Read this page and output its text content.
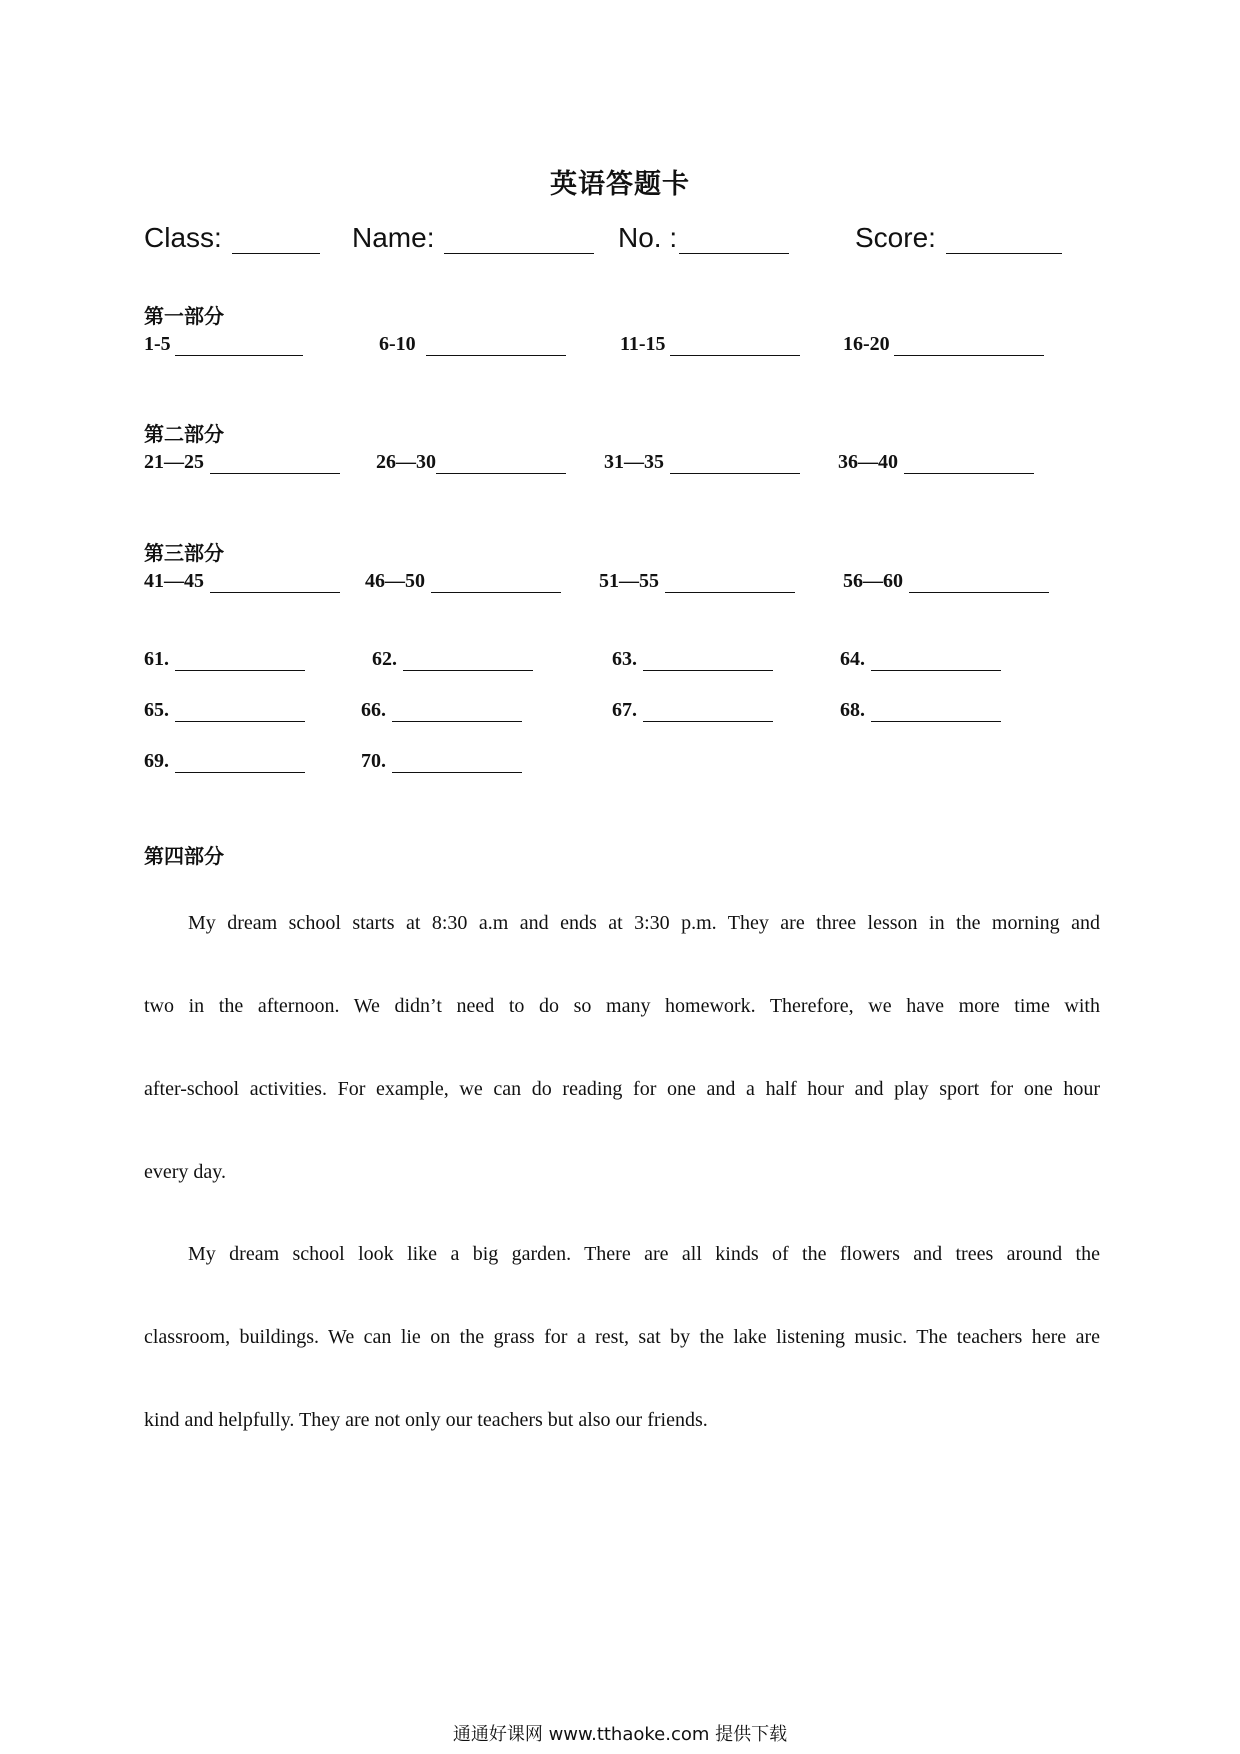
英语答题卡
Class:	Name:	No. :	Score:
第一部分
1-5	6-10	11-15	16-20
第二部分
21—25	26—30	31—35	36—40
第三部分
41—45	46—50	51—55	56—60
61.	62.	63.	64.
65.	66.	67.	68.
69.	70.
第四部分
My dream school starts at 8:30 a.m and ends at 3:30 p.m. They are three lesson in the morning and
two in the afternoon. We didn’t need to do so many homework. Therefore, we have more time with
after-school activities. For example, we can do reading for one and a half hour and play sport for one hour
every day.
My dream school look like a big garden. There are all kinds of the flowers and trees around the
classroom, buildings. We can lie on the grass for a rest, sat by the lake listening music. The teachers here are
kind and helpfully. They are not only our teachers but also our friends.
通通好课网 www.tthaoke.com 提供下载
